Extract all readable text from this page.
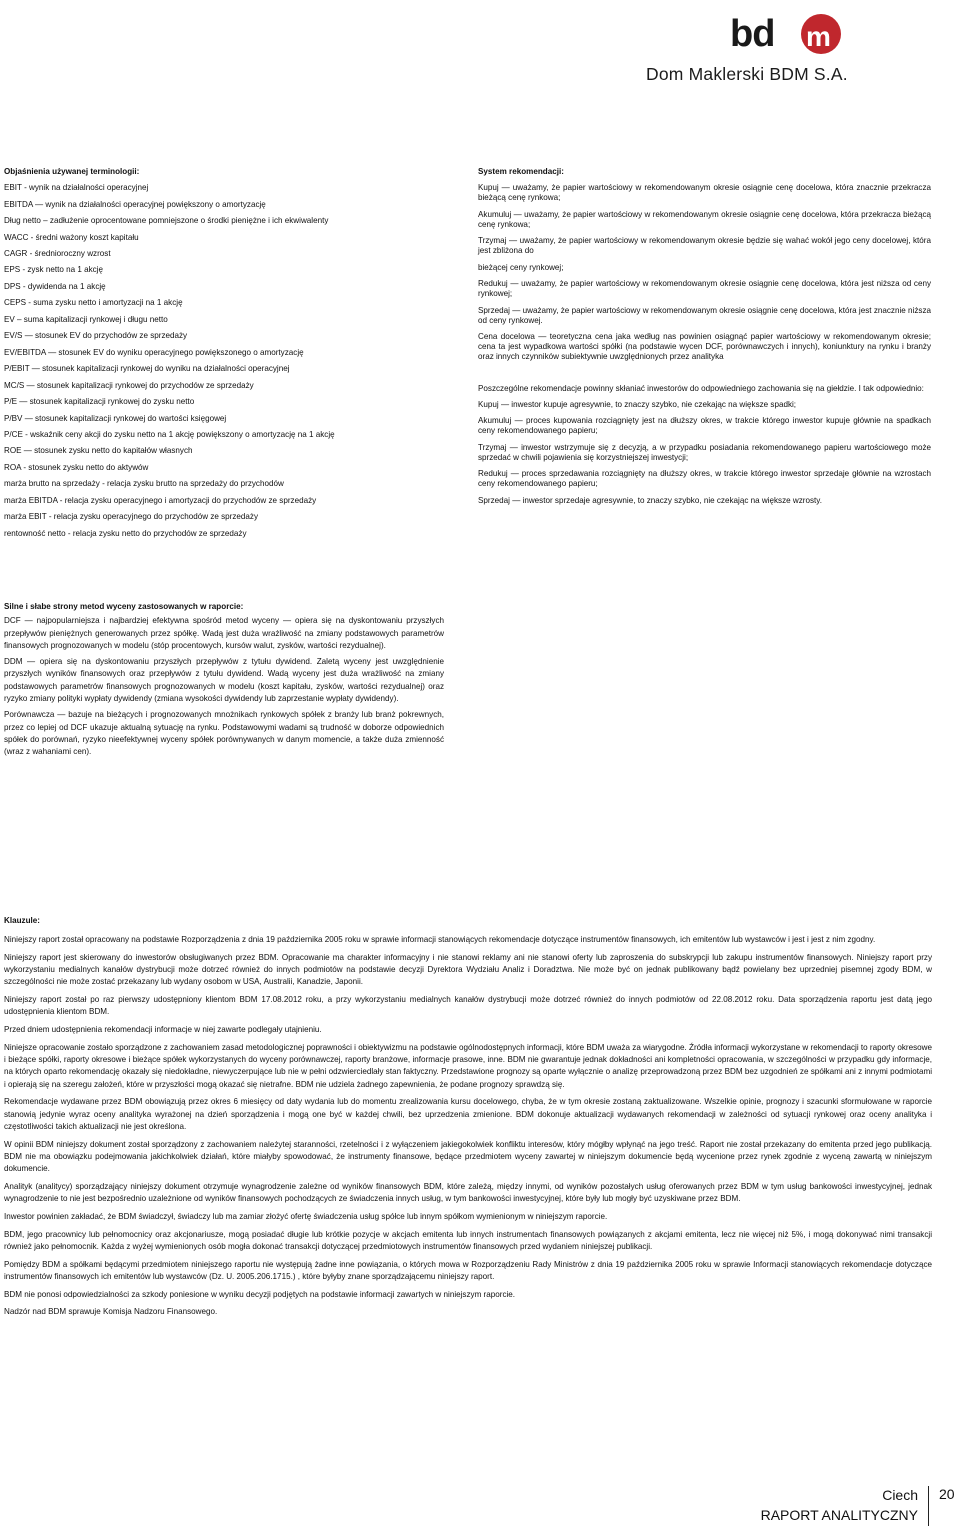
bd m
Dom Maklerski BDM S.A.

Objaśnienia używanej terminologii:

EBIT - wynik na działalności operacyjnej

EBITDA — wynik na działalności operacyjnej powiększony o amortyzację

Dług netto – zadłużenie oprocentowane pomniejszone o środki pieniężne i ich ekwiwalenty

WACC - średni ważony koszt kapitału

CAGR - średnioroczny wzrost

EPS - zysk netto na 1 akcję

DPS - dywidenda na 1 akcję

CEPS - suma zysku netto i amortyzacji na 1 akcję

EV – suma kapitalizacji rynkowej i długu netto

EV/S — stosunek EV do przychodów ze sprzedaży

EV/EBITDA — stosunek EV do wyniku operacyjnego powiększonego o amortyzację

P/EBIT — stosunek kapitalizacji rynkowej do wyniku na działalności operacyjnej

MC/S — stosunek kapitalizacji rynkowej do przychodów ze sprzedaży

P/E — stosunek kapitalizacji rynkowej do zysku netto

P/BV — stosunek kapitalizacji rynkowej do wartości księgowej

P/CE - wskaźnik ceny akcji do zysku netto na 1 akcję powiększony o amortyzację na 1 akcję

ROE — stosunek zysku netto do kapitałów własnych

ROA - stosunek zysku netto do aktywów

marża brutto na sprzedaży - relacja zysku brutto na sprzedaży do przychodów

marża EBITDA - relacja zysku operacyjnego i amortyzacji do przychodów ze sprzedaży

marża EBIT - relacja zysku operacyjnego do przychodów ze sprzedaży

rentowność netto - relacja zysku netto do przychodów ze sprzedaży

System rekomendacji:

Kupuj — uważamy, że papier wartościowy w rekomendowanym okresie osiągnie cenę docelowa, która znacznie przekracza bieżącą cenę rynkowa;

Akumuluj — uważamy, że papier wartościowy w rekomendowanym okresie osiągnie cenę docelowa, która przekracza bieżącą cenę rynkowa;

Trzymaj — uważamy, że papier wartościowy w rekomendowanym okresie będzie się wahać wokół jego ceny docelowej, która jest zbliżona do

bieżącej ceny rynkowej;

Redukuj — uważamy, że papier wartościowy w rekomendowanym okresie osiągnie cenę docelowa, która jest niższa od ceny rynkowej;

Sprzedaj — uważamy, że papier wartościowy w rekomendowanym okresie osiągnie cenę docelowa, która jest znacznie niższa od ceny rynkowej.

Cena docelowa — teoretyczna cena jaka według nas powinien osiągnąć papier wartościowy w rekomendowanym okresie; cena ta jest wypadkowa wartości spółki (na podstawie wycen DCF, porównawczych i innych), koniunktury na rynku i branży oraz innych czynników subiektywnie uwzględnionych przez analityka

Poszczególne rekomendacje powinny skłaniać inwestorów do odpowiedniego zachowania się na giełdzie. I tak odpowiednio:

Kupuj — inwestor kupuje agresywnie, to znaczy szybko, nie czekając na większe spadki;

Akumuluj — proces kupowania rozciągnięty jest na dłuższy okres, w trakcie którego inwestor kupuje głównie na spadkach ceny rekomendowanego papieru;

Trzymaj — inwestor wstrzymuje się z decyzją, a w przypadku posiadania rekomendowanego papieru wartościowego może sprzedać w chwili pojawienia się korzystniejszej inwestycji;

Redukuj — proces sprzedawania rozciągnięty na dłuższy okres, w trakcie którego inwestor sprzedaje głównie na wzrostach ceny rekomendowanego papieru;

Sprzedaj — inwestor sprzedaje agresywnie, to znaczy szybko, nie czekając na większe wzrosty.

Silne i słabe strony metod wyceny zastosowanych w raporcie:

DCF — najpopularniejsza i najbardziej efektywna spośród metod wyceny — opiera się na dyskontowaniu przyszłych przepływów pieniężnych generowanych przez spółkę. Wadą jest duża wrażliwość na zmiany podstawowych parametrów finansowych prognozowanych w modelu (stóp procentowych, kursów walut, zysków, wartości rezydualnej).

DDM — opiera się na dyskontowaniu przyszłych przepływów z tytułu dywidend. Zaletą wyceny jest uwzględnienie przyszłych wyników finansowych oraz przepływów z tytułu dywidend. Wadą wyceny jest duża wrażliwość na zmiany podstawowych parametrów finansowych prognozowanych w modelu (koszt kapitału, zysków, wartości rezydualnej) oraz ryzyko zmiany polityki wypłaty dywidendy (zmiana wysokości dywidendy lub zaprzestanie wypłaty dywidendy).

Porównawcza — bazuje na bieżących i prognozowanych mnożnikach rynkowych spółek z branży lub branż pokrewnych, przez co lepiej od DCF ukazuje aktualną sytuację na rynku. Podstawowymi wadami są trudność w doborze odpowiednich spółek do porównań, ryzyko nieefektywnej wyceny spółek porównywanych w danym momencie, a także duża zmienność (wraz z wahaniami cen).

Klauzule:

Niniejszy raport został opracowany na podstawie Rozporządzenia z dnia 19 października 2005 roku w sprawie informacji stanowiących rekomendacje dotyczące instrumentów finansowych, ich emitentów lub wystawców i jest i jest z nim zgodny.

Niniejszy raport jest skierowany do inwestorów obsługiwanych przez BDM. Opracowanie ma charakter informacyjny i nie stanowi reklamy ani nie stanowi oferty lub zaproszenia do subskrypcji lub zakupu instrumentów finansowych. Niniejszy raport przy wykorzystaniu medialnych kanałów dystrybucji może dotrzeć również do innych podmiotów na podstawie decyzji Dyrektora Wydziału Analiz i Doradztwa. Nie może być on jednak publikowany bądź powielany bez uprzedniej pisemnej zgody BDM, w szczególności nie może zostać przekazany lub wydany osobom w USA, Australii, Kanadzie, Japonii.

Niniejszy raport został po raz pierwszy udostępniony klientom BDM 17.08.2012 roku, a przy wykorzystaniu medialnych kanałów dystrybucji może dotrzeć również do innych podmiotów od 22.08.2012 roku. Data sporządzenia raportu jest datą jego udostępnienia klientom BDM.

Przed dniem udostępnienia rekomendacji informacje w niej zawarte podlegały utajnieniu.

Niniejsze opracowanie zostało sporządzone z zachowaniem zasad metodologicznej poprawności i obiektywizmu na podstawie ogólnodostępnych informacji, które BDM uważa za wiarygodne. Źródła informacji wykorzystane w rekomendacji to raporty okresowe i bieżące spółki, raporty okresowe i bieżące spółek wykorzystanych do wyceny porównawczej, raporty branżowe, informacje prasowe, inne. BDM nie gwarantuje jednak dokładności ani kompletności opracowania, w szczególności w przypadku gdy informacje, na których oparto rekomendację okazały się niedokładne, niewyczerpujące lub nie w pełni odzwierciedlały stan faktyczny. Przedstawione prognozy są oparte wyłącznie o analizę przeprowadzoną przez BDM bez uzgodnień ze spółkami ani z innymi podmiotami i opierają się na szeregu założeń, które w przyszłości mogą okazać się nietrafne. BDM nie udziela żadnego zapewnienia, że podane prognozy sprawdzą się.

Rekomendacje wydawane przez BDM obowiązują przez okres 6 miesięcy od daty wydania lub do momentu zrealizowania kursu docelowego, chyba, że w tym okresie zostaną zaktualizowane. Wszelkie opinie, prognozy i szacunki sformułowane w raporcie stanowią jedynie wyraz oceny analityka wyrażonej na dzień sporządzenia i mogą one być w każdej chwili, bez uprzedzenia zmienione. BDM dokonuje aktualizacji wydawanych rekomendacji w zależności od sytuacji rynkowej oraz oceny analityka i częstotliwości takich aktualizacji nie jest określona.

W opinii BDM niniejszy dokument został sporządzony z zachowaniem należytej staranności, rzetelności i z wyłączeniem jakiegokolwiek konfliktu interesów, który mógłby wpłynąć na jego treść. Raport nie został przekazany do emitenta przed jego publikacją. BDM nie ma obowiązku podejmowania jakichkolwiek działań, które miałyby spowodować, że instrumenty finansowe, będące przedmiotem wyceny zawartej w niniejszym dokumencie będą wycenione przez rynek zgodnie z wyceną zawartą w niniejszym dokumencie.

Analityk (analitycy) sporządzający niniejszy dokument otrzymuje wynagrodzenie zależne od wyników finansowych BDM, które zależą, między innymi, od wyników pozostałych usług oferowanych przez BDM w tym usług bankowości inwestycyjnej, jednak wynagrodzenie to nie jest bezpośrednio uzależnione od wyników finansowych pochodzących ze świadczenia innych usług, w tym bankowości inwestycyjnej, które były lub mogły być uzyskiwane przez BDM.

Inwestor powinien zakładać, że BDM świadczył, świadczy lub ma zamiar złożyć ofertę świadczenia usług spółce lub innym spółkom wymienionym w niniejszym raporcie.

BDM, jego pracownicy lub pełnomocnicy oraz akcjonariusze, mogą posiadać długie lub krótkie pozycje w akcjach emitenta lub innych instrumentach finansowych powiązanych z akcjami emitenta, lecz nie więcej niż 5%, i mogą dokonywać nimi transakcji również jako pełnomocnik. Każda z wyżej wymienionych osób mogła dokonać transakcji dotyczącej przedmiotowych instrumentów finansowych przed wydaniem niniejszej publikacji.

Pomiędzy BDM a spółkami będącymi przedmiotem niniejszego raportu nie występują żadne inne powiązania, o których mowa w Rozporządzeniu Rady Ministrów z dnia 19 października 2005 roku w sprawie Informacji stanowiących rekomendacje dotyczące instrumentów finansowych ich emitentów lub wystawców (Dz. U. 2005.206.1715.) , które byłyby znane sporządzającemu niniejszy raport.

BDM nie ponosi odpowiedzialności za szkody poniesione w wyniku decyzji podjętych na podstawie informacji zawartych w niniejszym raporcie.

Nadzór nad BDM sprawuje Komisja Nadzoru Finansowego.

Ciech
RAPORT ANALITYCZNY
20
